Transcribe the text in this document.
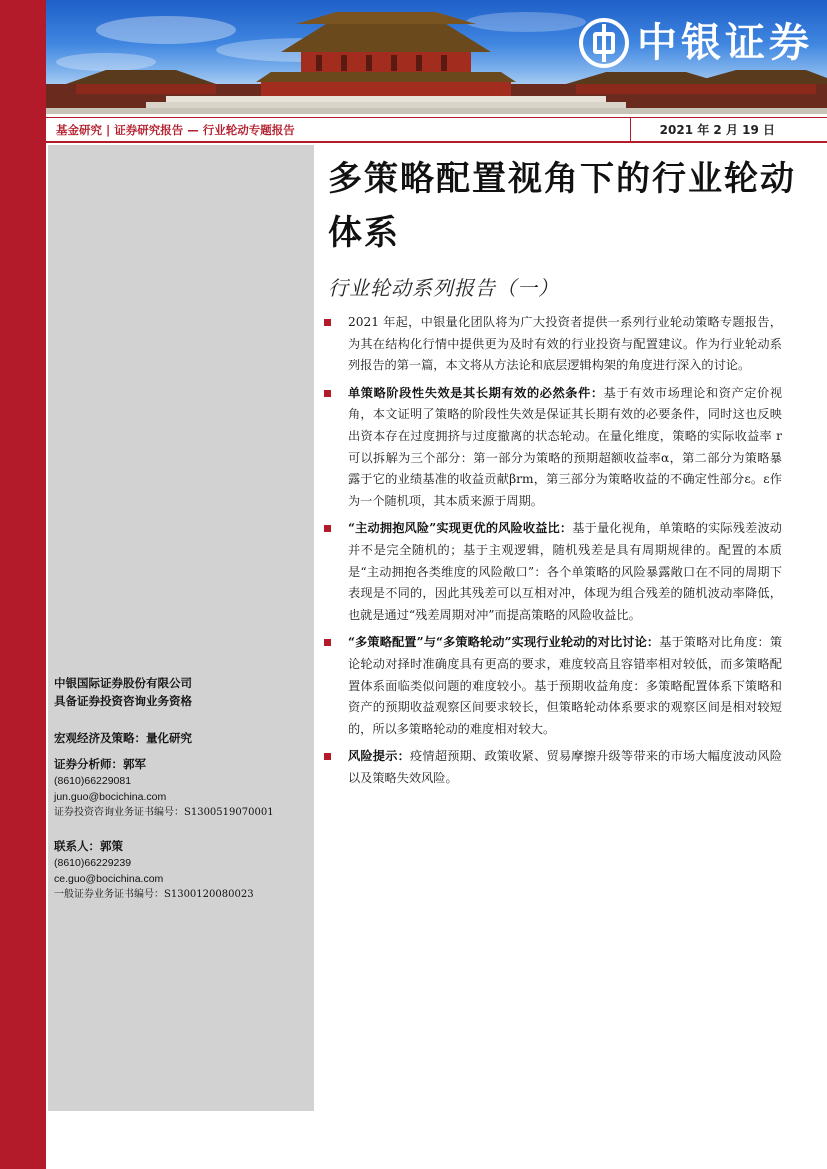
中银证券
基金研究 | 证券研究报告 — 行业轮动专题报告	2021 年 2 月 19 日
中银国际证券股份有限公司
具备证券投资咨询业务资格
宏观经济及策略：量化研究
证券分析师：郭军
(8610)66229081
jun.guo@bocichina.com
证券投资咨询业务证书编号：S1300519070001
联系人：郭策
(8610)66229239
ce.guo@bocichina.com
一般证券业务证书编号：S1300120080023
多策略配置视角下的行业轮动体系
行业轮动系列报告（一）
2021 年起，中银量化团队将为广大投资者提供一系列行业轮动策略专题报告，为其在结构化行情中提供更为及时有效的行业投资与配置建议。作为行业轮动系列报告的第一篇，本文将从方法论和底层逻辑构架的角度进行深入的讨论。
单策略阶段性失效是其长期有效的必然条件：基于有效市场理论和资产定价视角，本文证明了策略的阶段性失效是保证其长期有效的必要条件，同时这也反映出资本存在过度拥挤与过度撤离的状态轮动。在量化维度，策略的实际收益率 r 可以拆解为三个部分：第一部分为策略的预期超额收益率α，第二部分为策略暴露于它的业绩基准的收益贡献βrm，第三部分为策略收益的不确定性部分ε。ε作为一个随机项，其本质来源于周期。
“主动拥抱风险”实现更优的风险收益比：基于量化视角，单策略的实际残差波动并不是完全随机的；基于主观逻辑，随机残差是具有周期规律的。配置的本质是“主动拥抱各类维度的风险敞口”：各个单策略的风险暴露敞口在不同的周期下表现是不同的，因此其残差可以互相对冲，体现为组合残差的随机波动率降低，也就是通过“残差周期对冲”而提高策略的风险收益比。
“多策略配置”与“多策略轮动”实现行业轮动的对比讨论：基于策略对比角度：策论轮动对择时准确度具有更高的要求，难度较高且容错率相对较低，而多策略配置体系面临类似问题的难度较小。基于预期收益角度：多策略配置体系下策略和资产的预期收益观察区间要求较长，但策略轮动体系要求的观察区间是相对较短的，所以多策略轮动的难度相对较大。
风险提示：疫情超预期、政策收紧、贸易摩擦升级等带来的市场大幅度波动风险以及策略失效风险。
